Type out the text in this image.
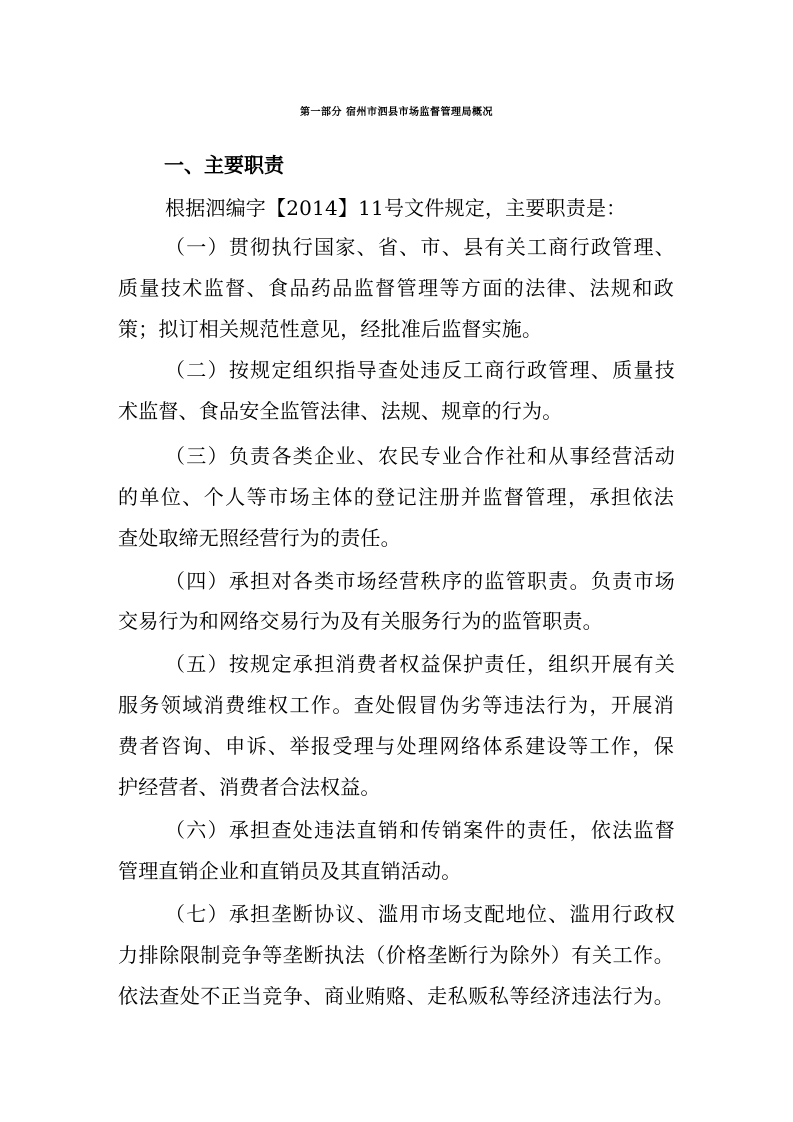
第一部分 宿州市泗县市场监督管理局概况
一、主要职责
根据泗编字【2014】11号文件规定，主要职责是：
（一）贯彻执行国家、省、市、县有关工商行政管理、
质量技术监督、食品药品监督管理等方面的法律、法规和政
策；拟订相关规范性意见，经批准后监督实施。
（二）按规定组织指导查处违反工商行政管理、质量技
术监督、食品安全监管法律、法规、规章的行为。
（三）负责各类企业、农民专业合作社和从事经营活动
的单位、个人等市场主体的登记注册并监督管理，承担依法
查处取缔无照经营行为的责任。
（四）承担对各类市场经营秩序的监管职责。负责市场
交易行为和网络交易行为及有关服务行为的监管职责。
（五）按规定承担消费者权益保护责任，组织开展有关
服务领域消费维权工作。查处假冒伪劣等违法行为，开展消
费者咨询、申诉、举报受理与处理网络体系建设等工作，保
护经营者、消费者合法权益。
（六）承担查处违法直销和传销案件的责任，依法监督
管理直销企业和直销员及其直销活动。
（七）承担垄断协议、滥用市场支配地位、滥用行政权
力排除限制竞争等垄断执法（价格垄断行为除外）有关工作。
依法查处不正当竞争、商业贿赂、走私贩私等经济违法行为。
